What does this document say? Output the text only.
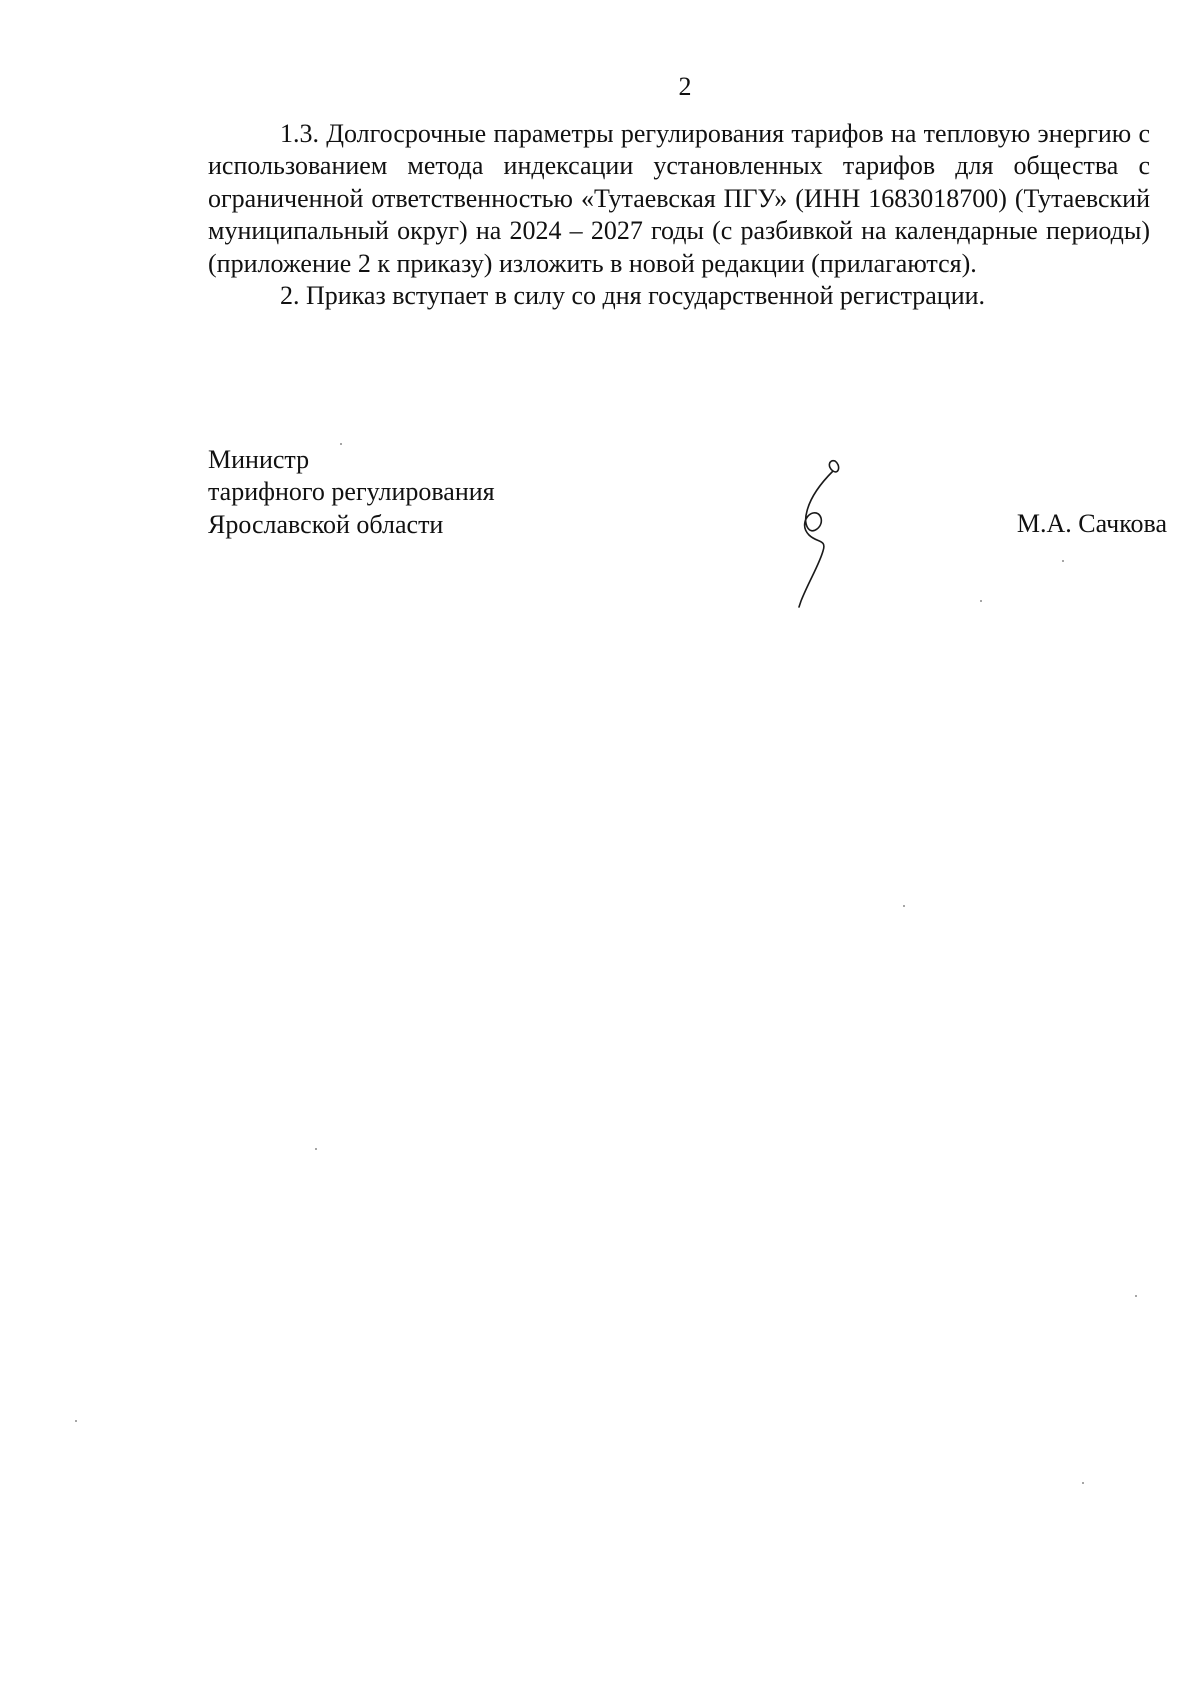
2

1.3. Долгосрочные параметры регулирования тарифов на тепловую энергию с использованием метода индексации установленных тарифов для общества с ограниченной ответственностью «Тутаевская ПГУ» (ИНН 1683018700) (Тутаевский муниципальный округ) на 2024 – 2027 годы (с разбивкой на календарные периоды) (приложение 2 к приказу) изложить в новой редакции (прилагаются).

2. Приказ вступает в силу со дня государственной регистрации.

Министр
тарифного регулирования
Ярославской области	М.А. Сачкова
